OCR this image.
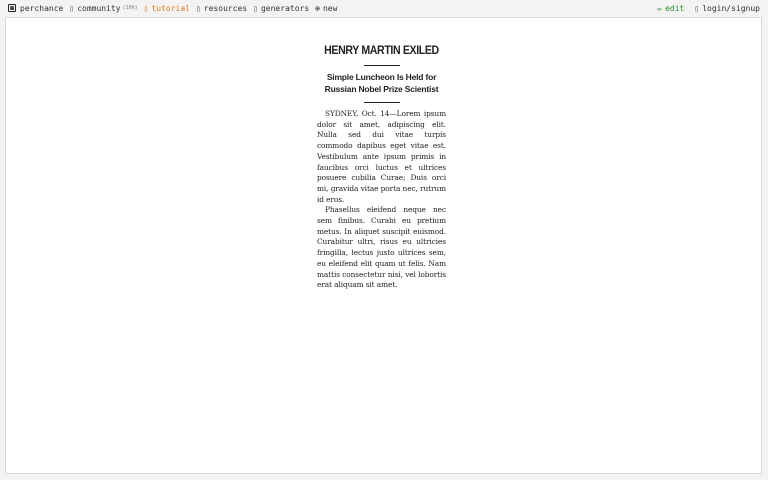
perchance ▯ community (10h) ▯ tutorial ▯ resources ▯ generators ⊕ new	✏ edit ▯ login/signup
HENRY MARTIN EXILED
Simple Luncheon Is Held for Russian Nobel Prize Scientist

SYDNEY, Oct. 14—Lorem ipsum dolor sit amet, adipiscing elit. Nulla sed dui vitae turpis commodo dapibus eget vitae est. Vestibulum ante ipsum primis in faucibus orci luctus et ultrices posuere cubilia Curae; Duis orci mi, gravida vitae porta nec, rutrum id eros.

Phasellus eleifend neque nec sem finibus. Curabi eu pretium metus. In aliquet suscipit euismod. Curabitur ultri, risus eu ultricies fringilla, lectus justo ultrices sem, eu eleifend elit quam ut felis. Nam mattis consectetur nisi, vel lobortis erat aliquam sit amet.
